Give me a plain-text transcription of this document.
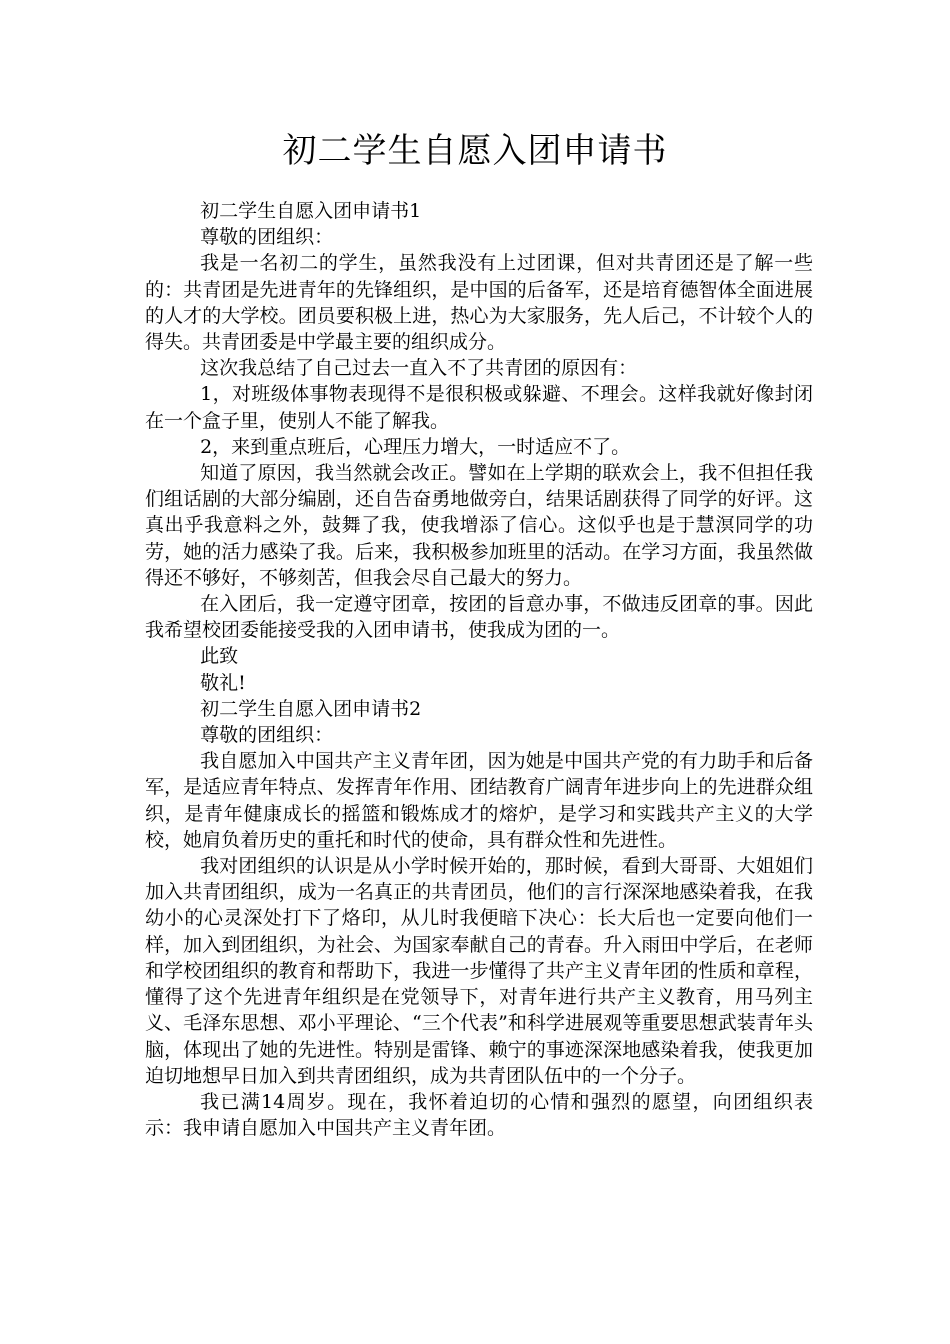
初二学生自愿入团申请书

初二学生自愿入团申请书1

尊敬的团组织：

我是一名初二的学生，虽然我没有上过团课，但对共青团还是了解一些的：共青团是先进青年的先锋组织，是中国的后备军，还是培育德智体全面进展的人才的大学校。团员要积极上进，热心为大家服务，先人后己，不计较个人的得失。共青团委是中学最主要的组织成分。

这次我总结了自己过去一直入不了共青团的原因有：

1，对班级体事物表现得不是很积极或躲避、不理会。这样我就好像封闭在一个盒子里，使别人不能了解我。

2，来到重点班后，心理压力增大，一时适应不了。

知道了原因，我当然就会改正。譬如在上学期的联欢会上，我不但担任我们组话剧的大部分编剧，还自告奋勇地做旁白，结果话剧获得了同学的好评。这真出乎我意料之外，鼓舞了我，使我增添了信心。这似乎也是于慧溟同学的功劳，她的活力感染了我。后来，我积极参加班里的活动。在学习方面，我虽然做得还不够好，不够刻苦，但我会尽自己最大的努力。

在入团后，我一定遵守团章，按团的旨意办事，不做违反团章的事。因此我希望校团委能接受我的入团申请书，使我成为团的一。

此致

敬礼!

初二学生自愿入团申请书2

尊敬的团组织：

我自愿加入中国共产主义青年团，因为她是中国共产党的有力助手和后备军，是适应青年特点、发挥青年作用、团结教育广阔青年进步向上的先进群众组织，是青年健康成长的摇篮和锻炼成才的熔炉，是学习和实践共产主义的大学校，她肩负着历史的重托和时代的使命，具有群众性和先进性。

我对团组织的认识是从小学时候开始的，那时候，看到大哥哥、大姐姐们加入共青团组织，成为一名真正的共青团员，他们的言行深深地感染着我，在我幼小的心灵深处打下了烙印，从儿时我便暗下决心：长大后也一定要向他们一样，加入到团组织，为社会、为国家奉献自己的青春。升入雨田中学后，在老师和学校团组织的教育和帮助下，我进一步懂得了共产主义青年团的性质和章程，懂得了这个先进青年组织是在党领导下，对青年进行共产主义教育，用马列主义、毛泽东思想、邓小平理论、“三个代表”和科学进展观等重要思想武装青年头脑，体现出了她的先进性。特别是雷锋、赖宁的事迹深深地感染着我，使我更加迫切地想早日加入到共青团组织，成为共青团队伍中的一个分子。

我已满14周岁。现在，我怀着迫切的心情和强烈的愿望，向团组织表示：我申请自愿加入中国共产主义青年团。
